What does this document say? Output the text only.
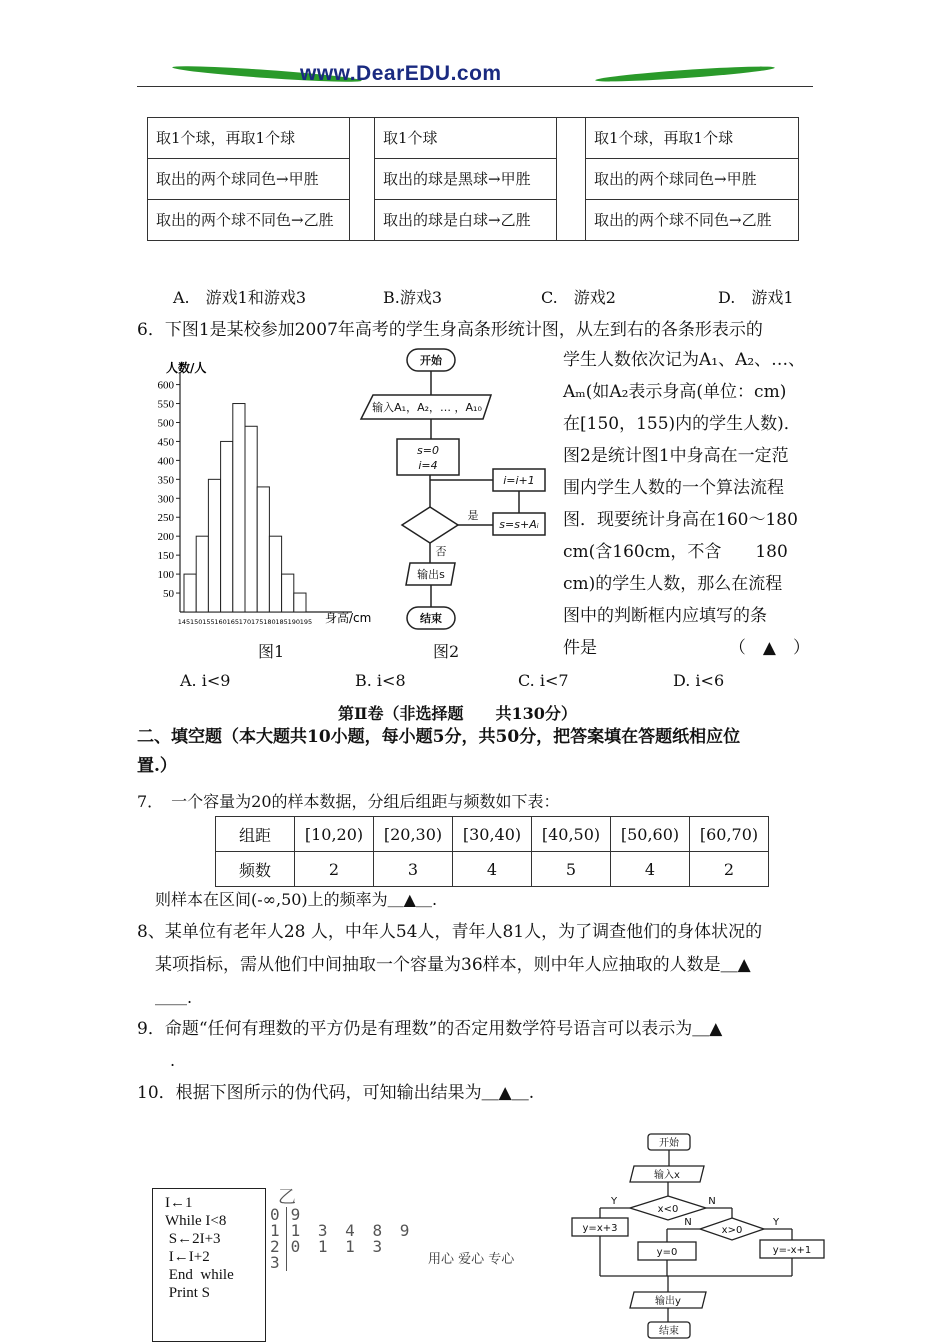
www.DearEDU.com
取1个球，再取1个球		取1个球		取1个球，再取1个球
取出的两个球同色→甲胜		取出的球是黑球→甲胜		取出的两个球同色→甲胜
取出的两个球不同色→乙胜		取出的球是白球→乙胜		取出的两个球不同色→乙胜
A.　游戏1和游戏3	B.游戏3	C.　游戏2	D.　游戏1
6．下图1是某校参加2007年高考的学生身高条形统计图，从左到右的各条形表示的
学生人数依次记为A₁、A₂、…、
Aₘ(如A₂表示身高(单位：cm)
在[150，155)内的学生人数)．
图2是统计图1中身高在一定范
围内学生人数的一个算法流程
图．现要统计身高在160～180
cm(含160cm，不含　　180
cm)的学生人数，那么在流程
图中的判断框内应填写的条
件是	（　▲　）
人数/人
身高/cm
50
100
150
200
250
300
350
400
450
500
550
600
145 150 155 160 165 170 175 180 185 190 195
图1
开始
输入A₁，A₂，… ，A₁₀
s=0
i=4
i=i+1
s=s+Aᵢ
是
否
输出s
结束
图2
A. i<9	B. i<8	C. i<7	D. i<6
第Ⅱ卷（非选择题　　共130分）
二、填空题（本大题共10小题，每小题5分，共50分，把答案填在答题纸相应位
置.）
7．　一个容量为20的样本数据，分组后组距与频数如下表：
组距	[10,20)	[20,30)	[30,40)	[40,50)	[50,60)	[60,70)
频数	2	3	4	5	4	2
则样本在区间(-∞,50)上的频率为＿▲＿.
8、某单位有老年人28 人，中年人54人，青年人81人，为了调查他们的身体状况的
某项指标，需从他们中间抽取一个容量为36样本，则中年人应抽取的人数是＿▲
＿＿.
9．命题“任何有理数的平方仍是有理数”的否定用数学符号语言可以表示为＿▲
.
10．根据下图所示的伪代码，可知输出结果为＿▲＿.
I←1
While I<8
S←2I+3
I←I+2
End  while
Print S
乙
0 9
1 1 3 4 8 9
2 0 1 1 3
3	用心 爱心 专心
开始
输入x
x<0
x>0
Y	N
N	Y
y=x+3
y=0	y=-x+1
输出y
结束
